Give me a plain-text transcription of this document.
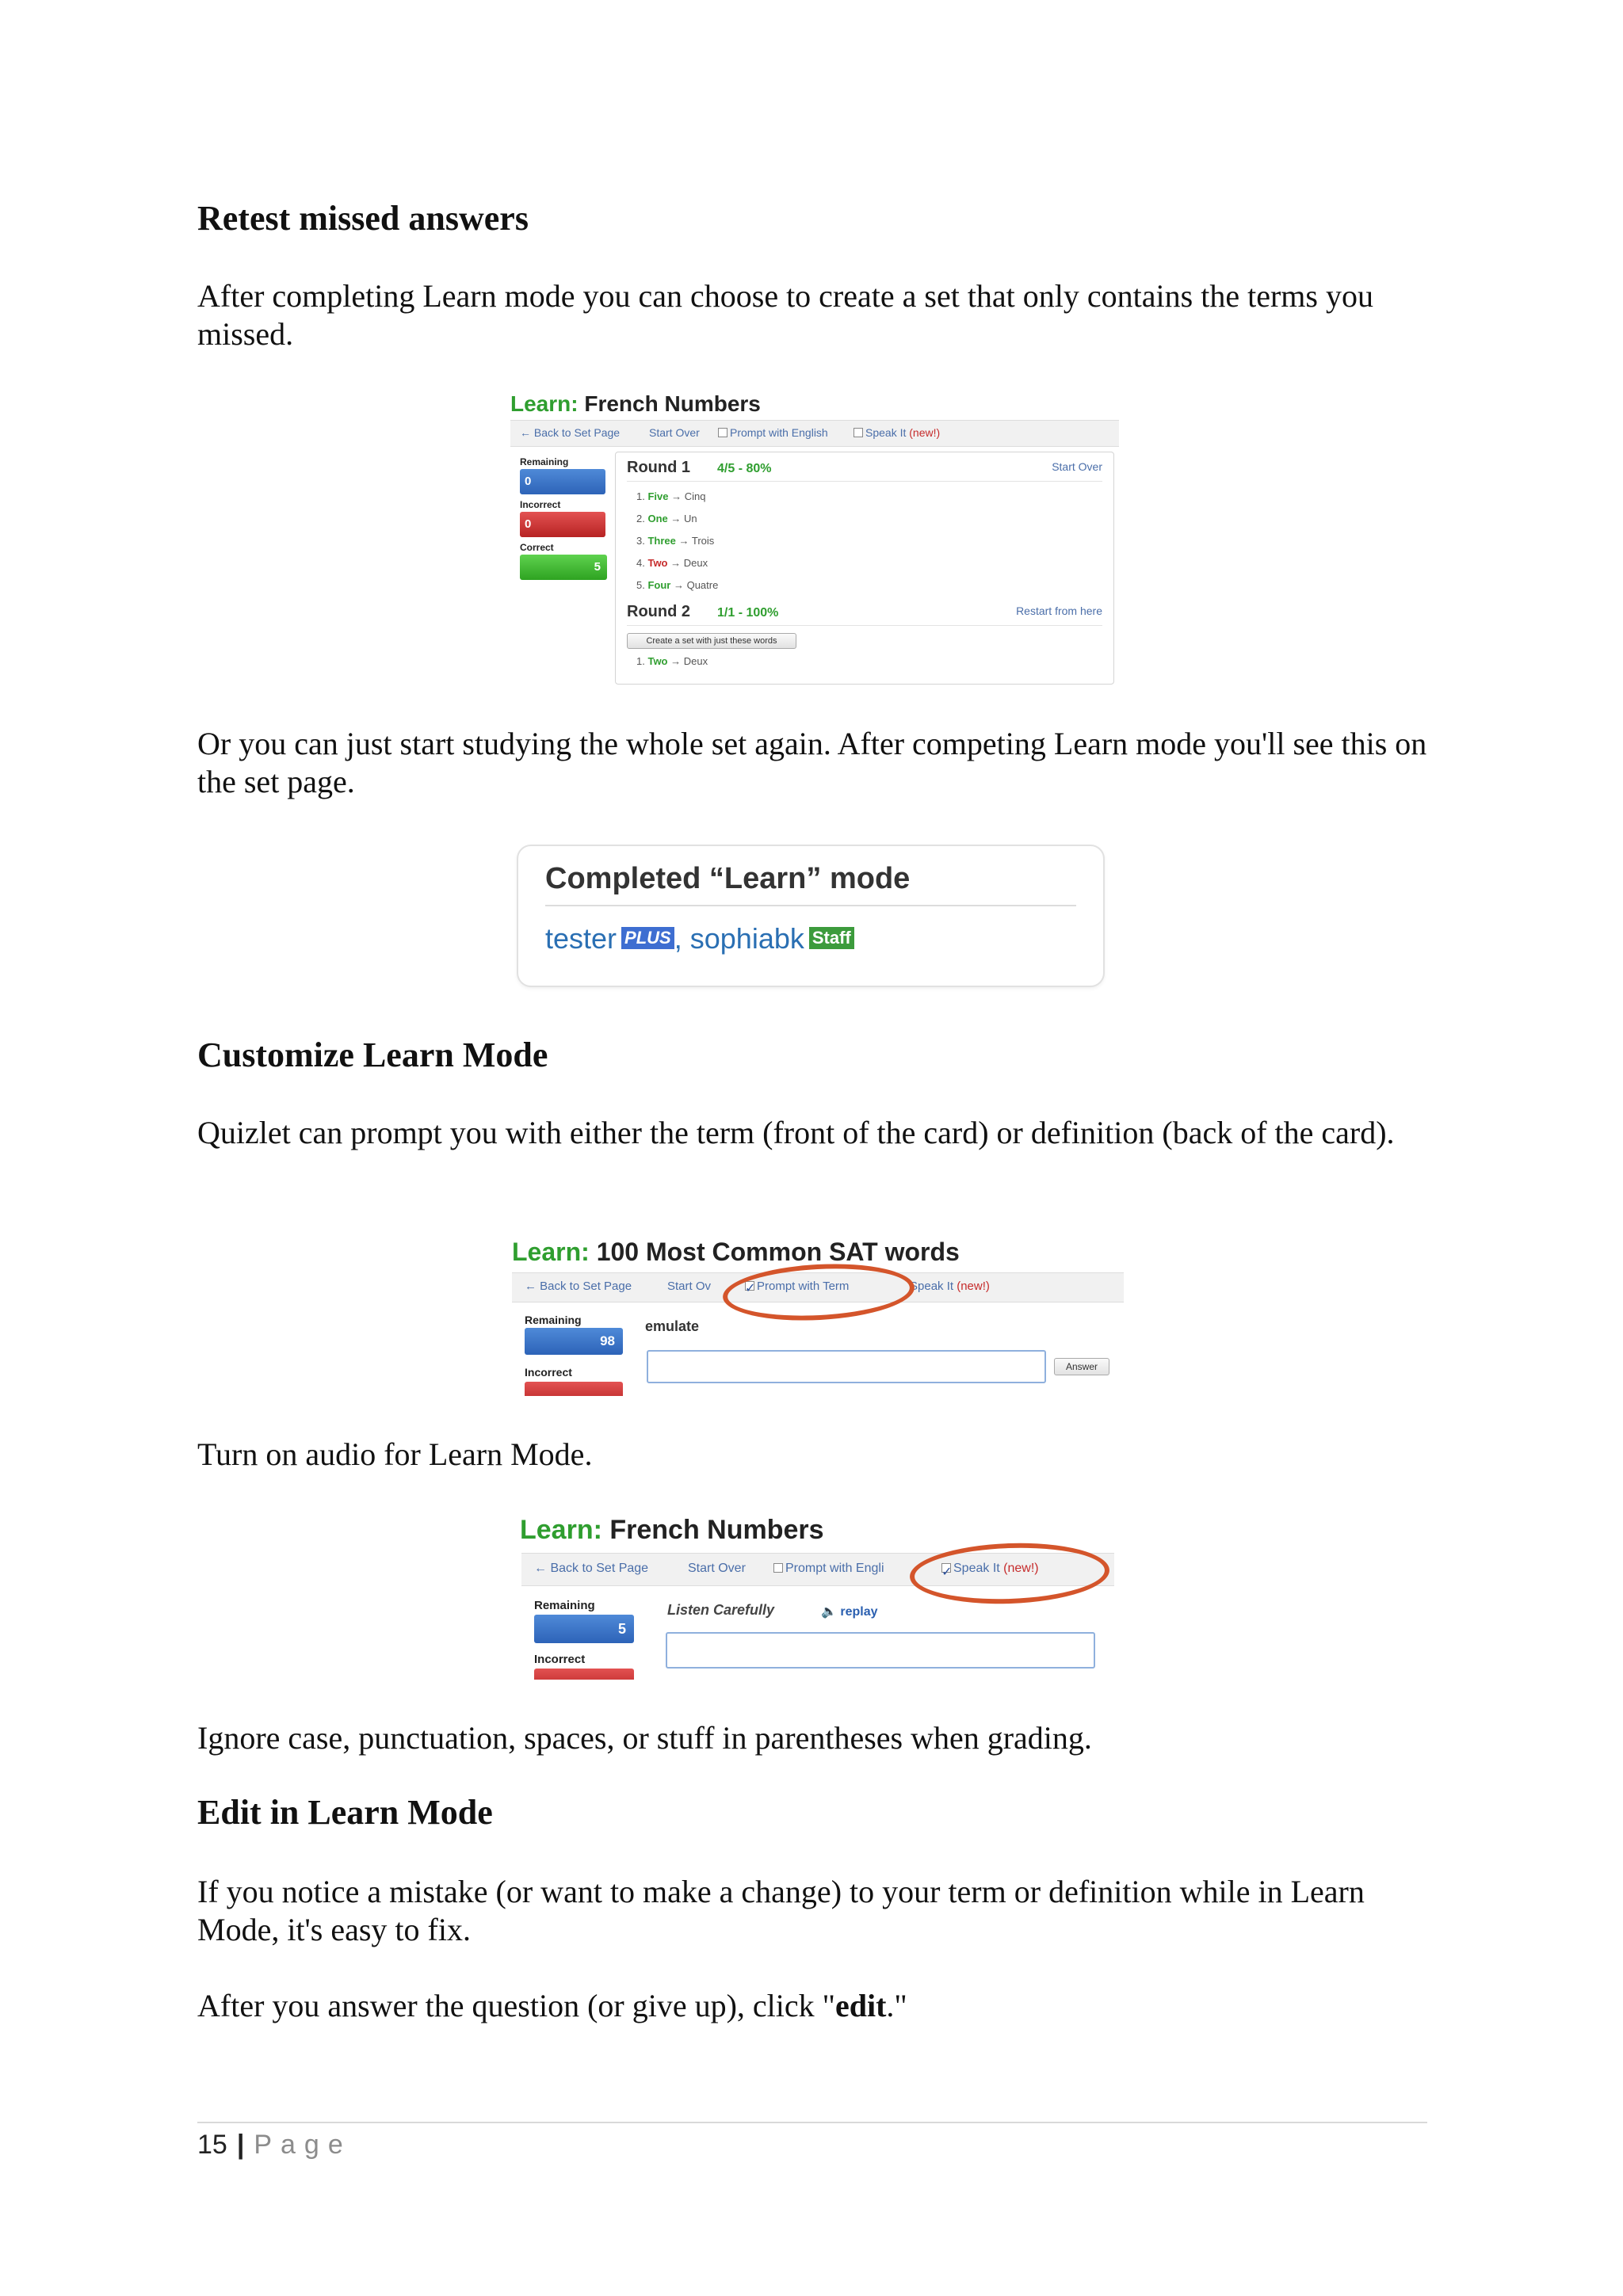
Retest missed answers

After completing Learn mode you can choose to create a set that only contains the terms you missed.

Learn: French Numbers
← Back to Set Page	Start Over	Prompt with English	Speak It (new!)
Remaining
0
Incorrect
0
Correct
5
Round 1 4/5 - 80%	Start Over
1. Five → Cinq
2. One → Un
3. Three → Trois
4. Two → Deux
5. Four → Quatre
Round 2 1/1 - 100%	Restart from here
Create a set with just these words
1. Two → Deux

Or you can just start studying the whole set again. After competing Learn mode you'll see this on the set page.

Completed “Learn” mode
tester PLUS , sophiabk Staff
Customize Learn Mode

Quizlet can prompt you with either the term (front of the card) or definition (back of the card).

Learn: 100 Most Common SAT words
← Back to Set Page	Start Ov ✓	Prompt with Term	Speak It (new!)
Remaining
98
Incorrect
emulate
Answer

Turn on audio for Learn Mode.

Learn: French Numbers
← Back to Set Page	Start Over	Prompt with Engli ✓	Speak It (new!)
Remaining
5
Incorrect
Listen Carefully	🔈 replay

Ignore case, punctuation, spaces, or stuff in parentheses when grading.

Edit in Learn Mode

If you notice a mistake (or want to make a change) to your term or definition while in Learn Mode, it's easy to fix.

After you answer the question (or give up), click "edit."

15 | Page
